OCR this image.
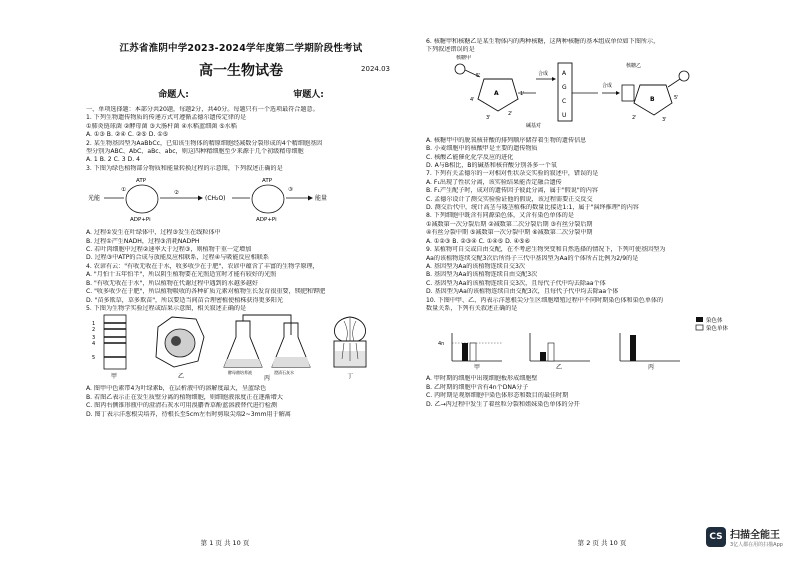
江苏省淮阴中学2023-2024学年度第二学期阶段性考试
高一生物试卷	2024.03
命题人:	审题人:
一、单项选择题：本部分共20题，每题2分，共40分。每题只有一个选项最符合题意。
1. 下列生物遗传物质的传递方式可遵循孟德尔遗传定律的是
①肺炎链球菌 ②酵母菌 ③大肠杆菌 ④水稻蓝细菌 ⑤水稻
A. ①③ B. ②④ C. ②⑤ D. ①⑤
2. 某生物基因型为AaBbCc，已知该生物体的精原细胞经减数分裂形成的4个精细胞基因
型分别为ABC、AbC、aBc、abc，则这四种精细胞至少来源于几个初级精母细胞
A. 1 B. 2 C. 3 D. 4
3. 下图为绿色植物部分物质和能量转换过程的示意图，下列叙述正确的是
光能
ATP
ADP+Pi
①	②
(CH₂O)
ATP
ADP+Pi
③
能量
A. 过程①发生在叶绿体中，过程③发生在线粒体中
B. 过程①产生NADH，过程③消耗NADPH
C. 若叶肉细胞中过程②速率大于过程③，则植物干重一定增加
D. 过程③中ATP的合成与放能反应相联系，过程④与吸能反应相联系
4. 农谚有云："有收无收在于水，收多收少在于肥"，农谚中蕴含了丰富的生物学原理，
A. "月怕十五年怕半"，所以阴生植物要在光照适宜时才能有较好的光照
B. "有收无收在于水"，所以植物在代谢过程中遇到的水越多越好
C. "收多收少在于肥"，所以植物吸收的各种矿质元素对植物生长发育很重要，镁肥和钾肥
D. "苗多欺草，草多欺苗"，所以要适当间苗合理密植使植株获得更多阳光
5. 下图为生物学实验过程或结果示意图，相关叙述正确的是
1
2
3
4
5
甲	乙
酵母菌培养液	澄清石灰水
丙	丁
A. 图甲中色素带4为叶绿素b，在层析液中的溶解度最大，呈蓝绿色
B. 若图乙表示正在发生质壁分离的植物细胞，则细胞液浓度正在逐渐增大
C. 图丙右侧锥形瓶中的澄清石灰水可用溴麝香草酚蓝溶液替代进行检测
D. 图丁表示洋葱根尖培养，待根长至5cm左右时剪取尖端2~3mm用于解离
第 1 页 共 10 页
6. 核糖甲和核糖乙是某生物体内的两种核糖，这两种核糖的基本组成单位如下图所示，
下列叙述错误的是
5'
4'
3'
2'
1'
A
合成 A
G
C
U
碱基对
核糖乙
合成
B	5'
2'	3'
核糖甲
A. 核糖甲中的脱氧核苷酸的排列顺序储存着生物的遗传信息
B. 小麦细胞中的核酸甲是主要的遗传物质
C. 核酸乙能催化化学反应的进化
D. A与B相比，B的碱基和核苷酸分别各多一个氧
7. 下列有关孟德尔的一对相对性状杂交实验的叙述中，错误的是
A. F₁出现了性状分离，该实验结果能否定融合遗传
B. F₁产生配子时，成对的遗传因子彼此分离，属于"假说"的内容
C. 孟德尔设计了测交实验验证他的假说，该过程需要正交反交
D. 测交后代中，统计高茎与矮茎植株的数量比接近1:1，属于"演绎推理"的内容
8. 下列细胞中既含有同源染色体，又含有染色单体的是
①减数第一次分裂后期 ②减数第二次分裂后期 ③有丝分裂后期
④有丝分裂中期 ⑤减数第一次分裂中期 ⑥减数第二次分裂中期
A. ①②③ B. ②③④ C. ①④⑤ D. ④⑤⑥
9. 某植物可自交或自由交配，在不考虑生物突变和自然选择的情况下，下列可使基因型为
Aa的该植物连续交配3次后所得子三代中基因型为Aa的个体所占比例为2/9的是
A. 基因型为Aa的该植物连续自交3次
B. 基因型为Aa的该植物连续自由交配3次
C. 基因型为Aa的该植物连续自交3次，且每代子代中均去除aa个体
D. 基因型为Aa的该植物连续自由交配3次，且每代子代中均去除aa个体
10. 下图中甲、乙、丙表示洋葱根尖分生区细胞增殖过程中不同时期染色体和染色单体的
数量关系，下列有关叙述正确的是
染色体
染色单体
4n
甲	乙	丙
A. 甲时期的细胞中出现细胞板形成细胞壁
B. 乙时期的细胞中含有4n个DNA分子
C. 丙时期是观察细胞中染色体形态和数目的最佳时期
D. 乙→丙过程中发生了着丝粒分裂和姐妹染色单体的分开
第 2 页 共 10 页
CS 扫描全能王
3亿人都在用的扫描App
